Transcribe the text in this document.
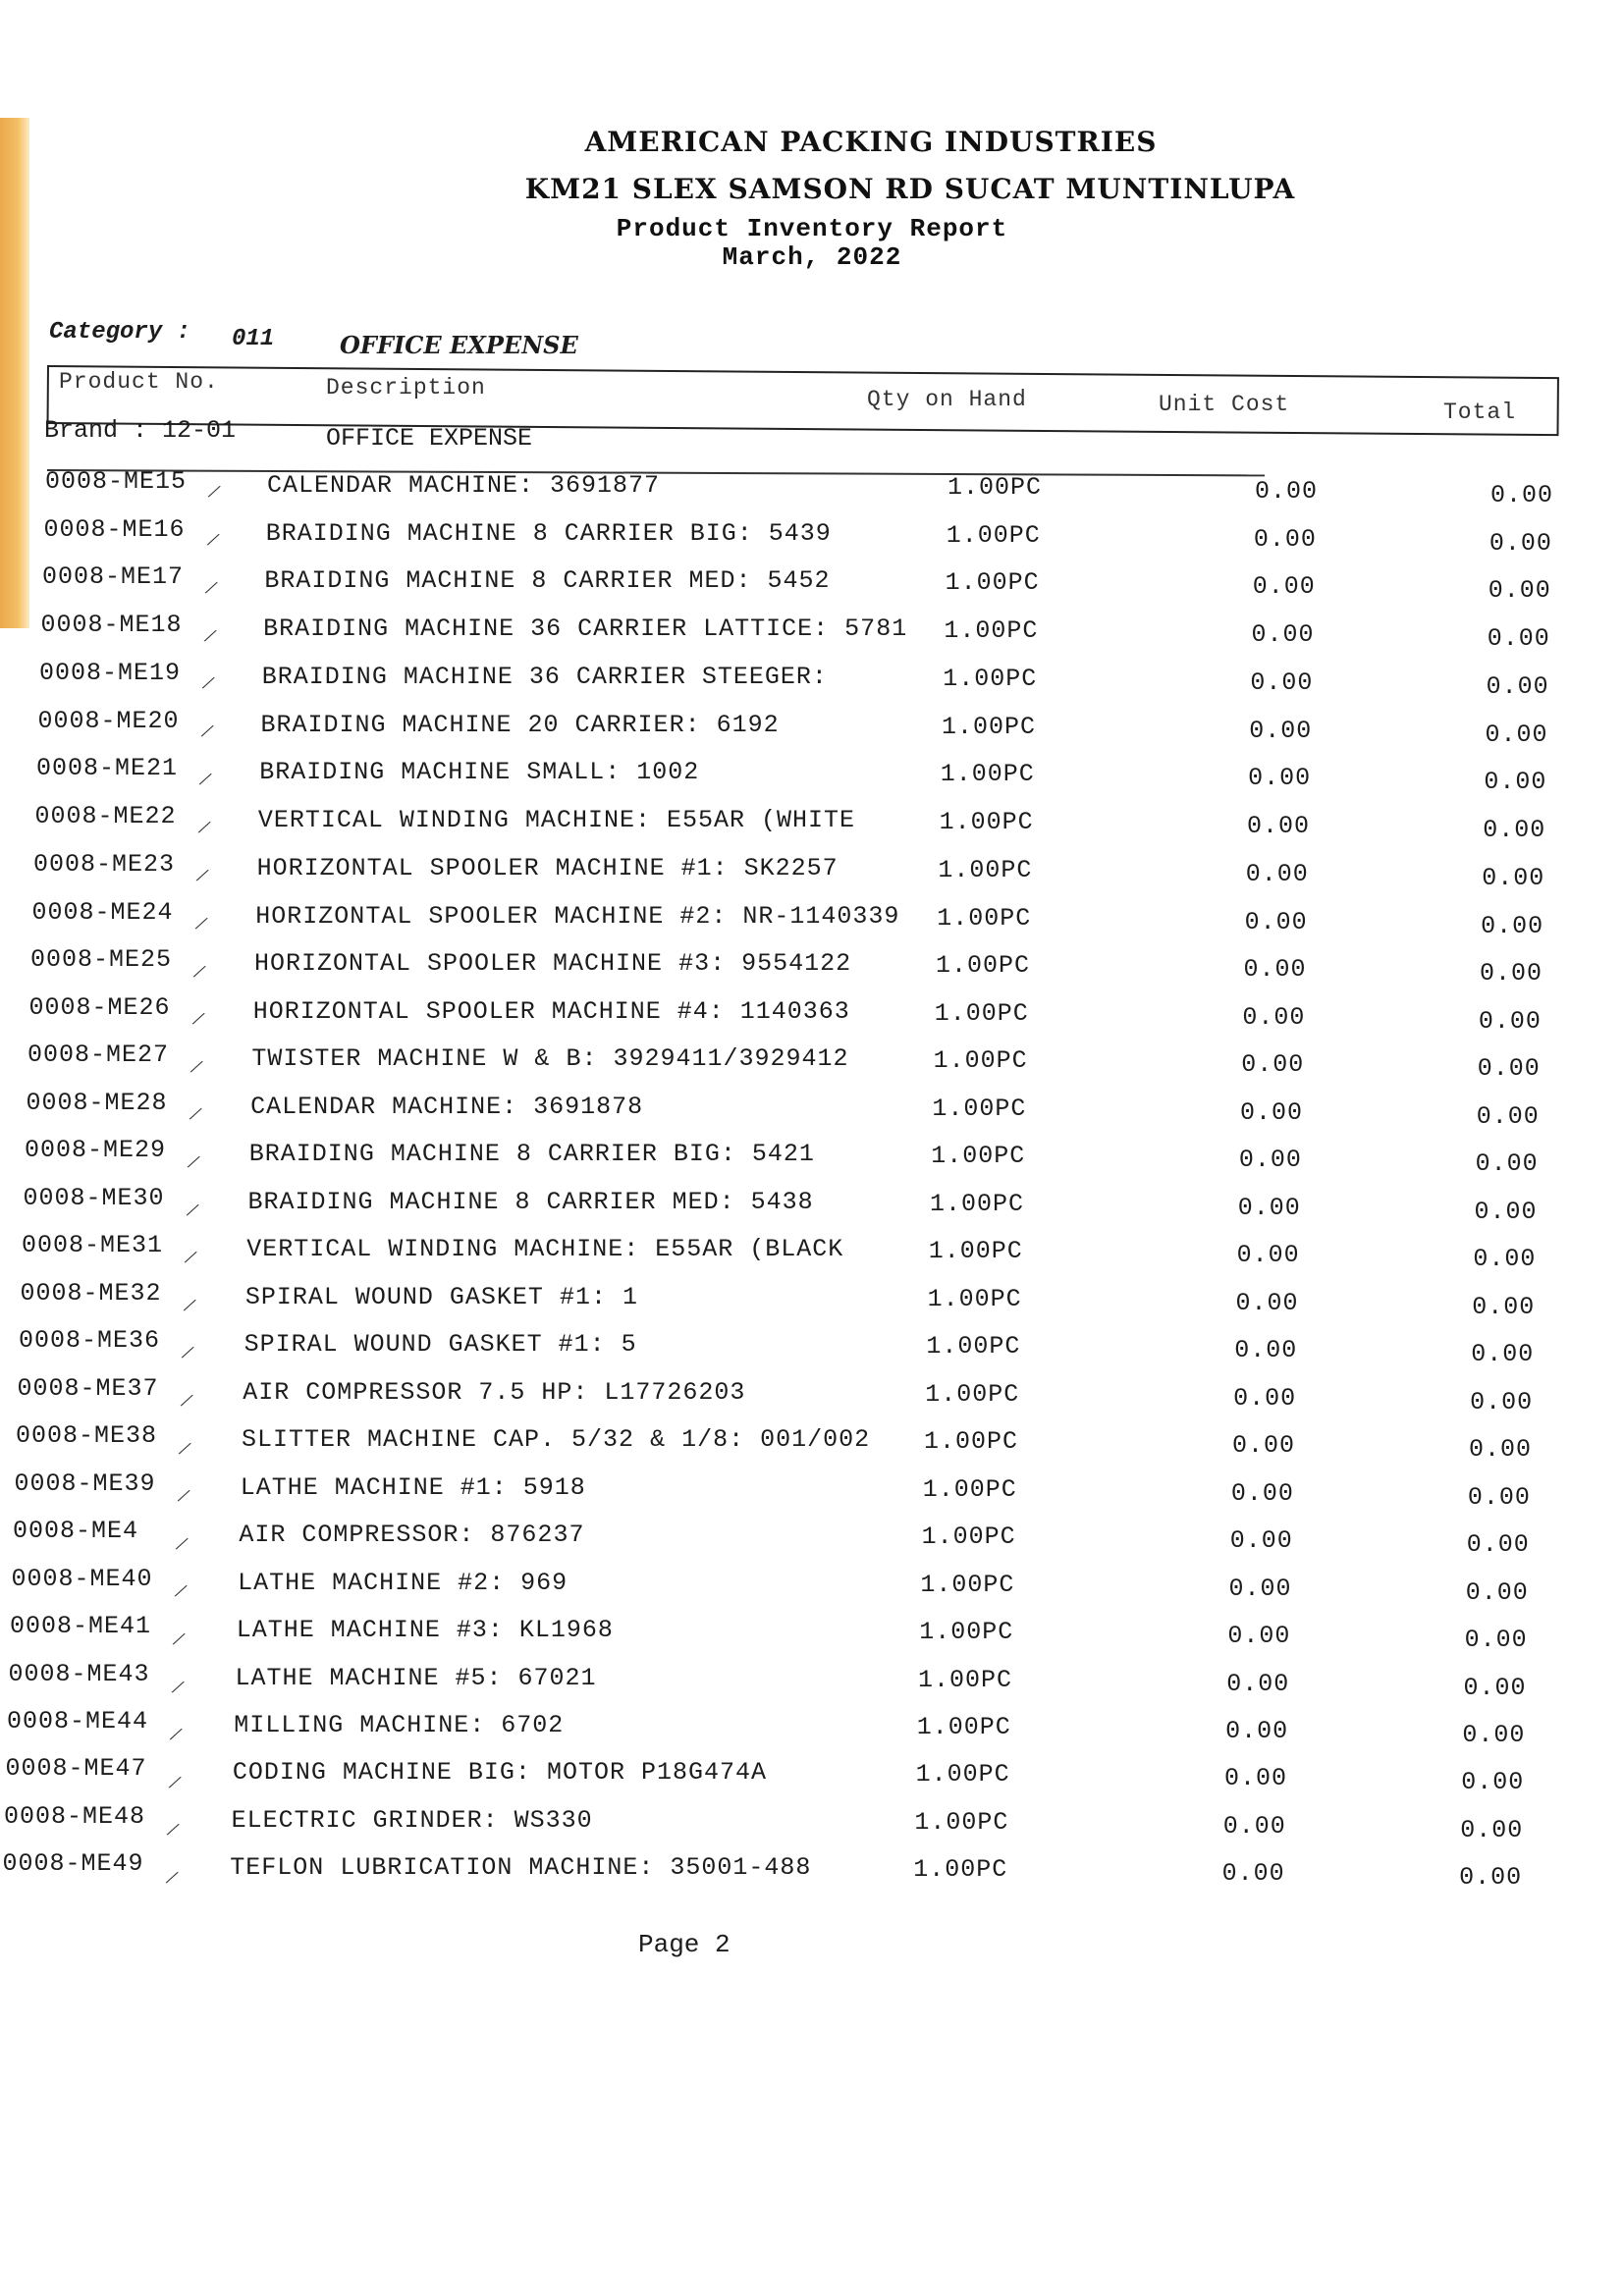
AMERICAN PACKING INDUSTRIES
KM21 SLEX SAMSON RD SUCAT MUNTINLUPA
Product Inventory Report
March, 2022
Category : 011	OFFICE EXPENSE
Product No.	Description	Qty on Hand	Unit Cost	Total
Brand : 12-01	OFFICE EXPENSE
0008-ME15	CALENDAR MACHINE: 3691877	1.00PC	0.00	0.00
⁄
0008-ME16	BRAIDING MACHINE 8 CARRIER BIG: 5439	1.00PC	0.00	0.00
⁄
0008-ME17	BRAIDING MACHINE 8 CARRIER MED: 5452	1.00PC	0.00	0.00
⁄
0008-ME18	BRAIDING MACHINE 36 CARRIER LATTICE: 5781 1.00PC	0.00	0.00
⁄
0008-ME19	BRAIDING MACHINE 36 CARRIER STEEGER:	1.00PC	0.00	0.00
⁄
0008-ME20	BRAIDING MACHINE 20 CARRIER: 6192	1.00PC	0.00	0.00
⁄
0008-ME21	BRAIDING MACHINE SMALL: 1002	1.00PC	0.00	0.00
⁄
0008-ME22	VERTICAL WINDING MACHINE: E55AR (WHITE	1.00PC	0.00	0.00
⁄
0008-ME23	HORIZONTAL SPOOLER MACHINE #1: SK2257	1.00PC	0.00	0.00
⁄
0008-ME24	HORIZONTAL SPOOLER MACHINE #2: NR-1140339 1.00PC	0.00	0.00
⁄
0008-ME25	HORIZONTAL SPOOLER MACHINE #3: 9554122	1.00PC	0.00	0.00
⁄
0008-ME26	HORIZONTAL SPOOLER MACHINE #4: 1140363	1.00PC	0.00	0.00
⁄
0008-ME27	TWISTER MACHINE W & B: 3929411/3929412	1.00PC	0.00	0.00
⁄
0008-ME28	CALENDAR MACHINE: 3691878	1.00PC	0.00	0.00
⁄
0008-ME29	BRAIDING MACHINE 8 CARRIER BIG: 5421	1.00PC	0.00	0.00
⁄
0008-ME30	BRAIDING MACHINE 8 CARRIER MED: 5438	1.00PC	0.00	0.00
⁄
0008-ME31	VERTICAL WINDING MACHINE: E55AR (BLACK	1.00PC	0.00	0.00
⁄
0008-ME32	SPIRAL WOUND GASKET #1: 1	1.00PC	0.00	0.00
⁄
0008-ME36	SPIRAL WOUND GASKET #1: 5	1.00PC	0.00	0.00
⁄
0008-ME37	AIR COMPRESSOR 7.5 HP: L17726203	1.00PC	0.00	0.00
⁄
0008-ME38	SLITTER MACHINE CAP. 5/32 & 1/8: 001/002 1.00PC	0.00	0.00
⁄
0008-ME39	LATHE MACHINE #1: 5918	1.00PC	0.00	0.00
⁄
0008-ME4	AIR COMPRESSOR: 876237	1.00PC	0.00	0.00
⁄
0008-ME40	LATHE MACHINE #2: 969	1.00PC	0.00	0.00
⁄
0008-ME41	LATHE MACHINE #3: KL1968	1.00PC	0.00	0.00
⁄
0008-ME43	LATHE MACHINE #5: 67021	1.00PC	0.00	0.00
⁄
0008-ME44	MILLING MACHINE: 6702	1.00PC	0.00	0.00
⁄
0008-ME47	CODING MACHINE BIG: MOTOR P18G474A	1.00PC	0.00	0.00
⁄
0008-ME48	ELECTRIC GRINDER: WS330	1.00PC	0.00	0.00
⁄
0008-ME49	TEFLON LUBRICATION MACHINE: 35001-488	1.00PC	0.00	0.00
⁄
Page 2
